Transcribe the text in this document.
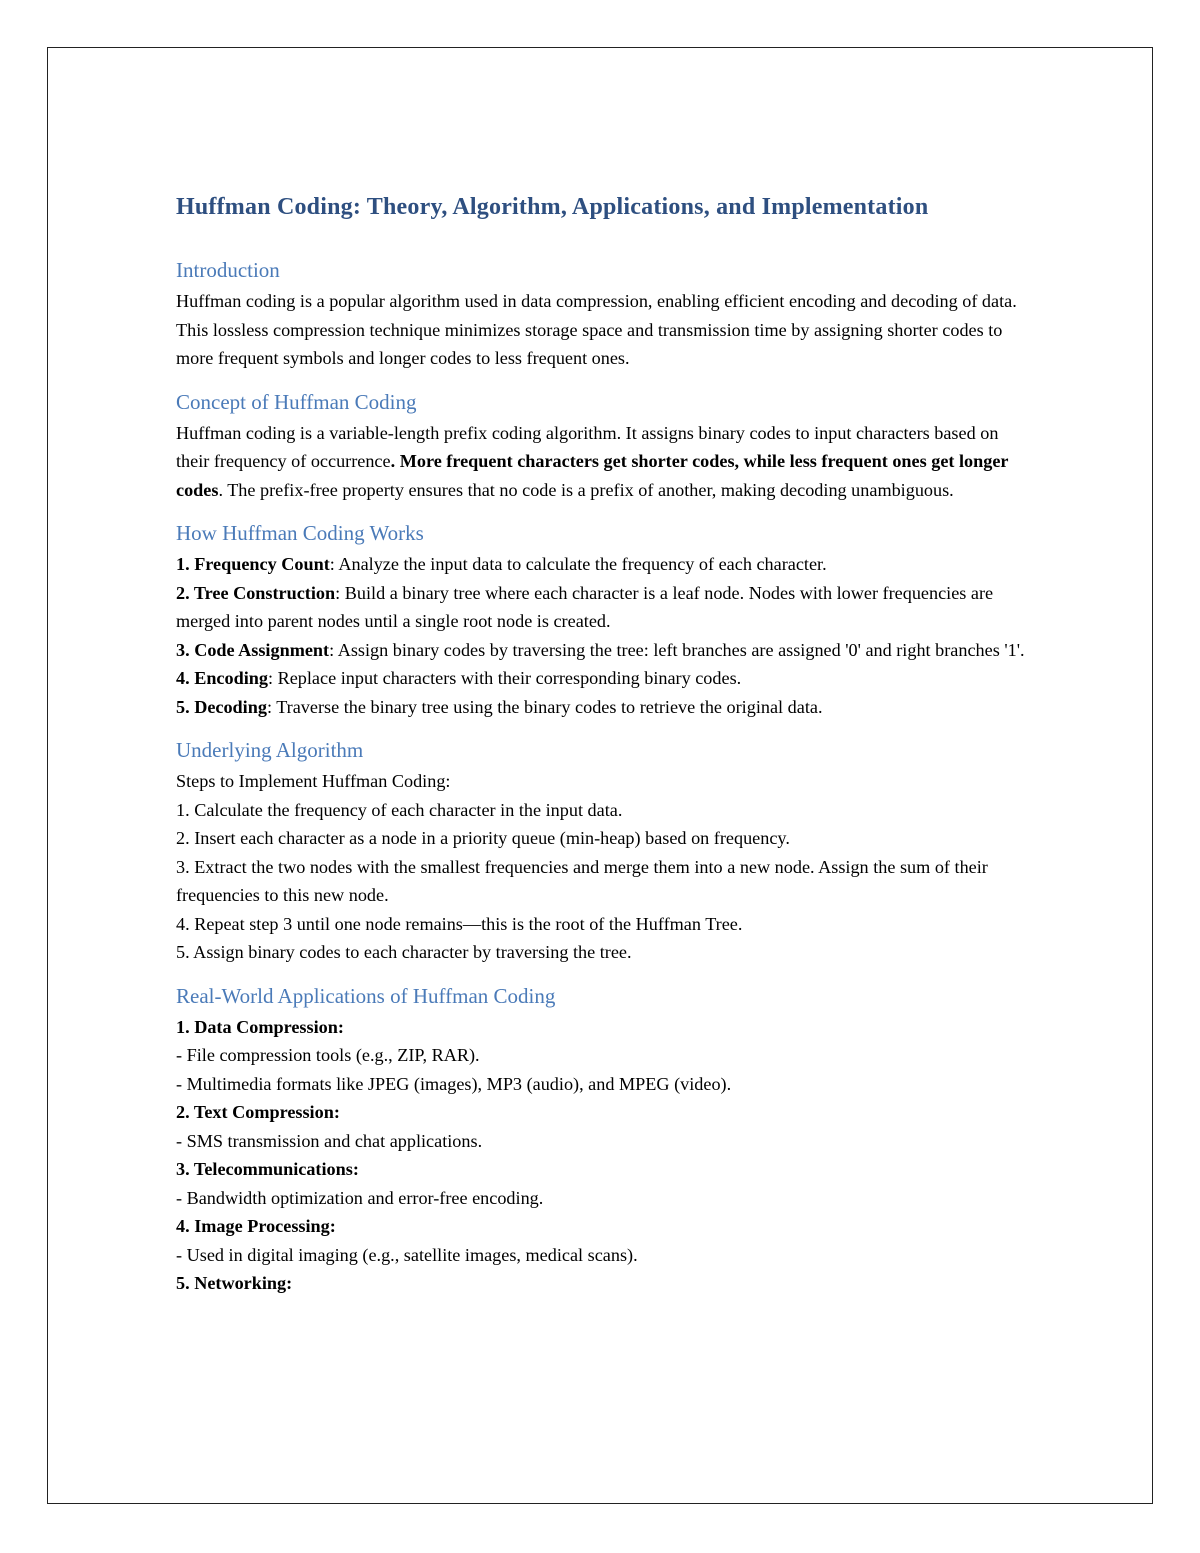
Huffman Coding: Theory, Algorithm, Applications, and Implementation
Introduction

Huffman coding is a popular algorithm used in data compression, enabling efficient encoding and decoding of data. This lossless compression technique minimizes storage space and transmission time by assigning shorter codes to more frequent symbols and longer codes to less frequent ones.

Concept of Huffman Coding

Huffman coding is a variable-length prefix coding algorithm. It assigns binary codes to input characters based on their frequency of occurrence. More frequent characters get shorter codes, while less frequent ones get longer codes. The prefix-free property ensures that no code is a prefix of another, making decoding unambiguous.

How Huffman Coding Works
1. Frequency Count: Analyze the input data to calculate the frequency of each character.
2. Tree Construction: Build a binary tree where each character is a leaf node. Nodes with lower frequencies are merged into parent nodes until a single root node is created.
3. Code Assignment: Assign binary codes by traversing the tree: left branches are assigned '0' and right branches '1'.
4. Encoding: Replace input characters with their corresponding binary codes.
5. Decoding: Traverse the binary tree using the binary codes to retrieve the original data.
Underlying Algorithm
Steps to Implement Huffman Coding:
1. Calculate the frequency of each character in the input data.
2. Insert each character as a node in a priority queue (min-heap) based on frequency.
3. Extract the two nodes with the smallest frequencies and merge them into a new node. Assign the sum of their frequencies to this new node.
4. Repeat step 3 until one node remains—this is the root of the Huffman Tree.
5. Assign binary codes to each character by traversing the tree.
Real-World Applications of Huffman Coding
1. Data Compression:
- File compression tools (e.g., ZIP, RAR).
- Multimedia formats like JPEG (images), MP3 (audio), and MPEG (video).
2. Text Compression:
- SMS transmission and chat applications.
3. Telecommunications:
- Bandwidth optimization and error-free encoding.
4. Image Processing:
- Used in digital imaging (e.g., satellite images, medical scans).
5. Networking:
